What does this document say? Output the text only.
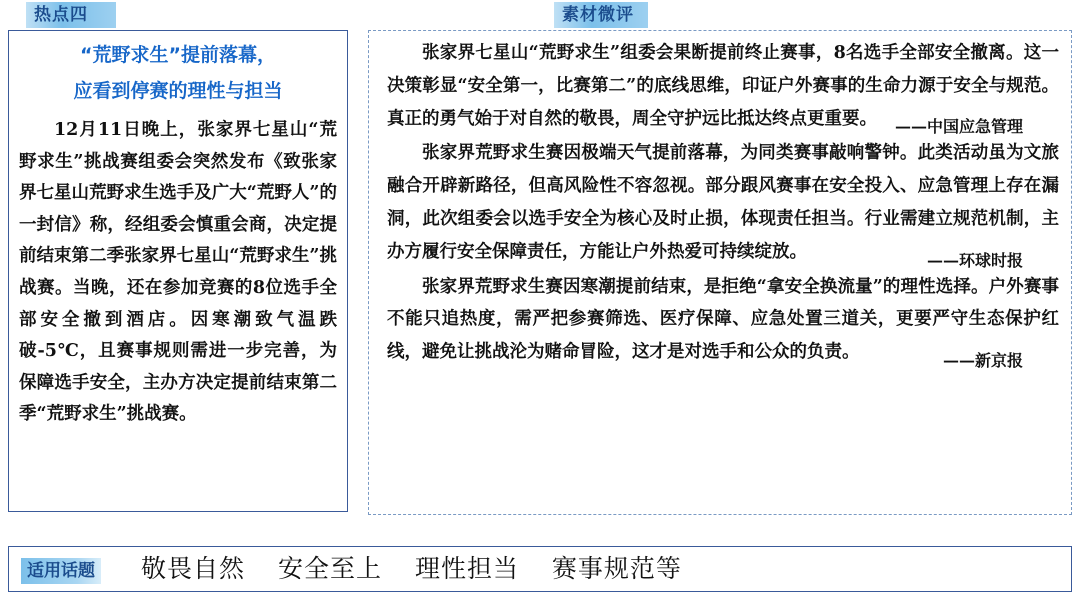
热点四	素材微评

“荒野求生”提前落幕，

应看到停赛的理性与担当

12月11日晚上，张家界七星山“荒野求生”挑战赛组委会突然发布《致张家界七星山荒野求生选手及广大“荒野人”的一封信》称，经组委会慎重会商，决定提前结束第二季张家界七星山“荒野求生”挑战赛。当晚，还在参加竞赛的8位选手全部安全撤到酒店。因寒潮致气温跌破-5℃，且赛事规则需进一步完善，为保障选手安全，主办方决定提前结束第二季“荒野求生”挑战赛。

张家界七星山“荒野求生”组委会果断提前终止赛事，8名选手全部安全撤离。这一决策彰显“安全第一，比赛第二”的底线思维，印证户外赛事的生命力源于安全与规范。真正的勇气始于对自然的敬畏，周全守护远比抵达终点更重要。	——中国应急管理

张家界荒野求生赛因极端天气提前落幕，为同类赛事敲响警钟。此类活动虽为文旅融合开辟新路径，但高风险性不容忽视。部分跟风赛事在安全投入、应急管理上存在漏洞，此次组委会以选手安全为核心及时止损，体现责任担当。行业需建立规范机制，主办方履行安全保障责任，方能让户外热爱可持续绽放。	——环球时报

张家界荒野求生赛因寒潮提前结束，是拒绝“拿安全换流量”的理性选择。户外赛事不能只追热度，需严把参赛筛选、医疗保障、应急处置三道关，更要严守生态保护红线，避免让挑战沦为赌命冒险，这才是对选手和公众的负责。	——新京报
适用话题 敬畏自然 安全至上 理性担当 赛事规范等
